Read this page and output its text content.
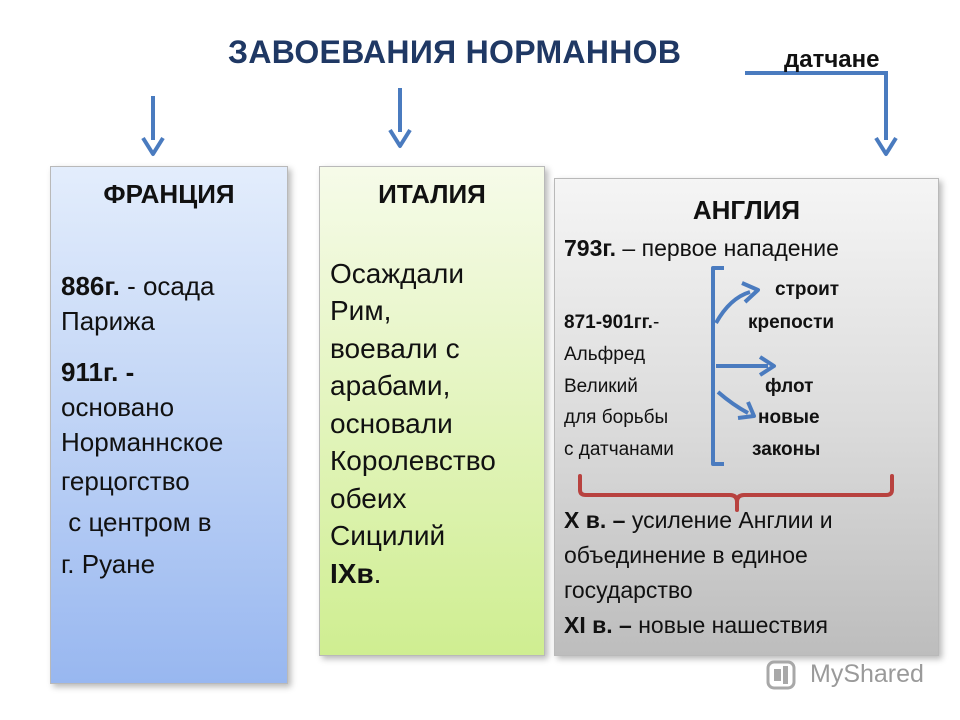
ЗАВОЕВАНИЯ НОРМАННОВ	датчане
ФРАНЦИЯ
886г. - осада
Парижа
911г. -
основано
Норманнское
герцогство
с центром в
г. Руане
ИТАЛИЯ
Осаждали
Рим,
воевали с
арабами,
основали
Королевство
обеих
Сицилий
IXв.
АНГЛИЯ
793г. – первое нападение
строит
871-901гг.-	крепости
Альфред
Великий	флот
для борьбы	новые
с датчанами	законы
X в. – усиление Англии и
объединение в единое
государство
XI в. – новые нашествия
MyShared
